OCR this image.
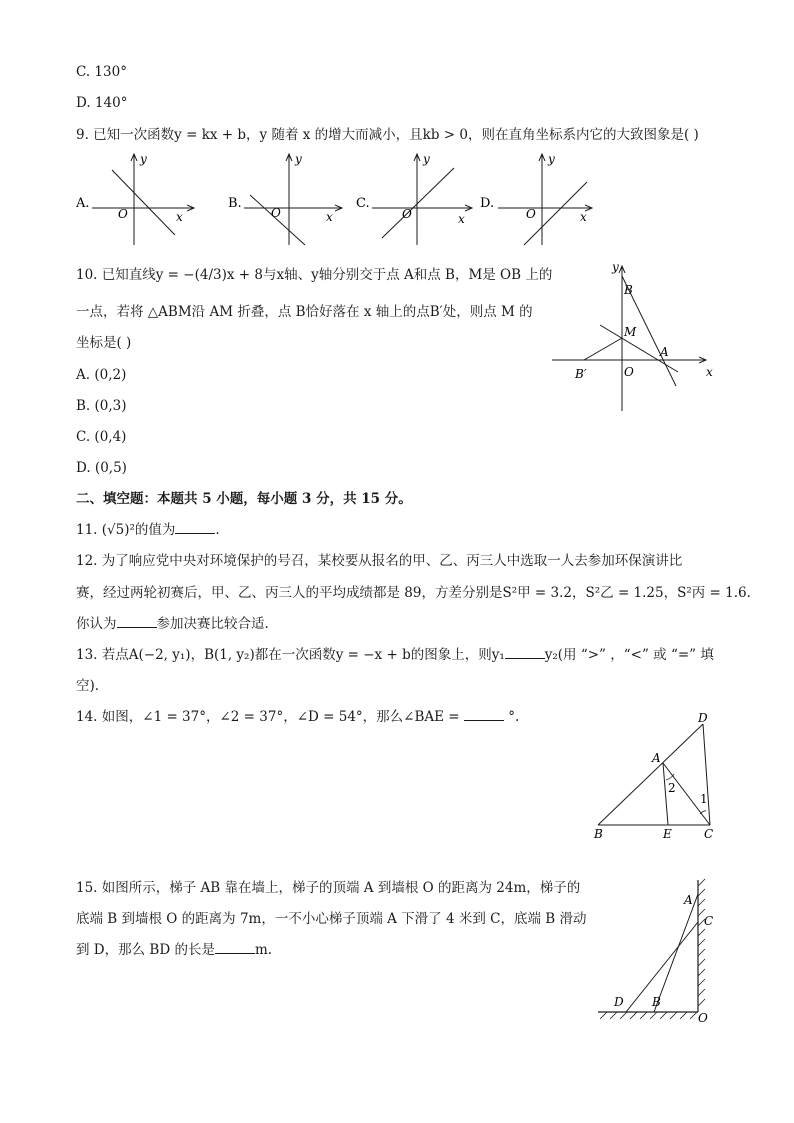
C. 130°
D. 140°
9. 已知一次函数y = kx + b，y 随着 x 的增大而减小，且kb > 0，则在直角坐标系内它的大致图象是( )
A.
y
x
O
B.
y
x
O
C.
y
x
O
D.
y
x
O
10. 已知直线y = −(4/3)x + 8与x轴、y轴分别交于点 A和点 B，M是 OB 上的
一点，若将 △ABM沿 AM 折叠，点 B恰好落在 x 轴上的点B′处，则点 M 的
坐标是( )
A. (0,2)
B. (0,3)
C. (0,4)
D. (0,5)
y
x
B
M
A
B′	O
二、填空题：本题共 5 小题，每小题 3 分，共 15 分。
11. (√5)²的值为	.
12. 为了响应党中央对环境保护的号召，某校要从报名的甲、乙、丙三人中选取一人去参加环保演讲比
赛，经过两轮初赛后，甲、乙、丙三人的平均成绩都是 89，方差分别是S²甲 = 3.2，S²乙 = 1.25，S²丙 = 1.6.
你认为	参加决赛比较合适.
13. 若点A(−2, y₁)，B(1, y₂)都在一次函数y = −x + b的图象上，则y₁	y₂(用 “>” ，“<” 或 “=” 填
空).
14. 如图，∠1 = 37°，∠2 = 37°，∠D = 54°，那么∠BAE =	°.	D
A
2
1
B	E	C
15. 如图所示，梯子 AB 靠在墙上，梯子的顶端 A 到墙根 O 的距离为 24m，梯子的
底端 B 到墙根 O 的距离为 7m，一不小心梯子顶端 A 下滑了 4 米到 C，底端 B 滑动
到 D，那么 BD 的长是	m.
A
C
D B
O
